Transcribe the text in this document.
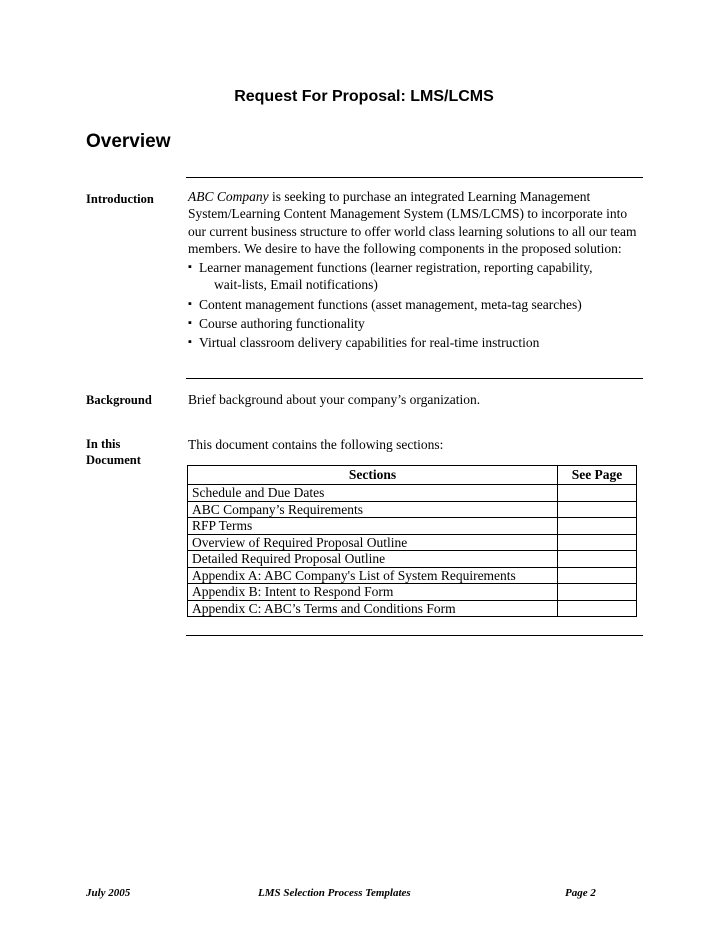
Request For Proposal: LMS/LCMS
Overview
Introduction	ABC Company is seeking to purchase an integrated Learning Management System/Learning Content Management System (LMS/LCMS) to incorporate into our current business structure to offer world class learning solutions to all our team members. We desire to have the following components in the proposed solution:
▪ Learner management functions (learner registration, reporting capability,
wait-lists, Email notifications)
▪ Content management functions (asset management, meta-tag searches)
▪ Course authoring functionality
▪ Virtual classroom delivery capabilities for real-time instruction
Background	Brief background about your company’s organization.
In this
Document
This document contains the following sections:
Sections	See Page
Schedule and Due Dates	
ABC Company’s Requirements	
RFP Terms	
Overview of Required Proposal Outline	
Detailed Required Proposal Outline	
Appendix A: ABC Company's List of System Requirements	
Appendix B: Intent to Respond Form	
Appendix C: ABC’s Terms and Conditions Form	
July 2005	LMS Selection Process Templates	Page 2
